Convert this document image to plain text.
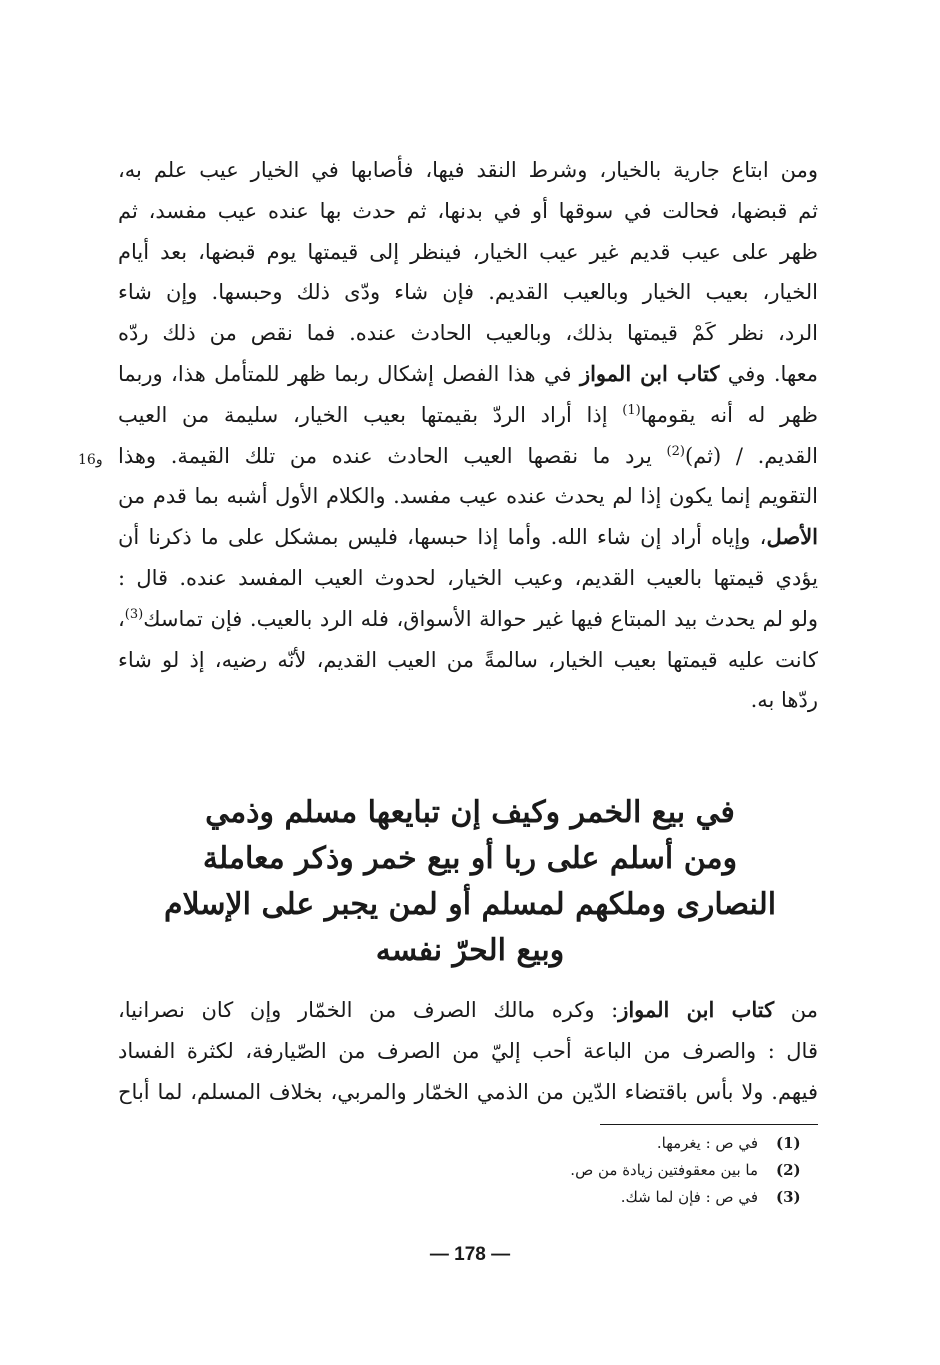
16و
ومن ابتاع جارية بالخيار، وشرط النقد فيها، فأصابها في الخيار عيب علم به،
ثم قبضها، فحالت في سوقها أو في بدنها، ثم حدث بها عنده عيب مفسد، ثم
ظهر على عيب قديم غير عيب الخيار، فينظر إلى قيمتها يوم قبضها، بعد أيام
الخيار، بعيب الخيار وبالعيب القديم. فإن شاء ودّى ذلك وحبسها. وإن شاء
الرد، نظر كَمْ قيمتها بذلك، وبالعيب الحادث عنده. فما نقص من ذلك ردّه
معها. وفي كتاب ابن المواز في هذا الفصل إشكال ربما ظهر للمتأمل هذا، وربما
ظهر له أنه يقومها$^{(1)}$ إذا أراد الردّ بقيمتها بعيب الخيار، سليمة من العيب
القديم. / (ثم)$^{(2)}$ يرد ما نقصها العيب الحادث عنده من تلك القيمة. وهذا
التقويم إنما يكون إذا لم يحدث عنده عيب مفسد. والكلام الأول أشبه بما قدم من
الأصل، وإياه أراد إن شاء الله. وأما إذا حبسها، فليس بمشكل على ما ذكرنا أن
يؤدي قيمتها بالعيب القديم، وعيب الخيار، لحدوث العيب المفسد عنده. قال :
ولو لم يحدث بيد المبتاع فيها غير حوالة الأسواق، فله الرد بالعيب. فإن تماسك$^{(3)}$،
كانت عليه قيمتها بعيب الخيار، سالمةً من العيب القديم، لأنّه رضيه، إذ لو شاء
ردّها به.
في بيع الخمر وكيف إن تبايعها مسلم وذمي
ومن أسلم على ربا أو بيع خمر وذكر معاملة
النصارى وملكهم لمسلم أو لمن يجبر على الإسلام
وبيع الحرّ نفسه
من كتاب ابن المواز: وكره مالك الصرف من الخمّار وإن كان نصرانيا،
قال : والصرف من الباعة أحب إليّ من الصرف من الصّيارفة، لكثرة الفساد
فيهم. ولا بأس باقتضاء الدّين من الذمي الخمّار والمربي، بخلاف المسلم، لما أباح
(1)
في ص : يغرمها.
(2)
ما بين معقوفتين زيادة من ص.
(3)
في ص : فإن لما شك.
— 178 —
